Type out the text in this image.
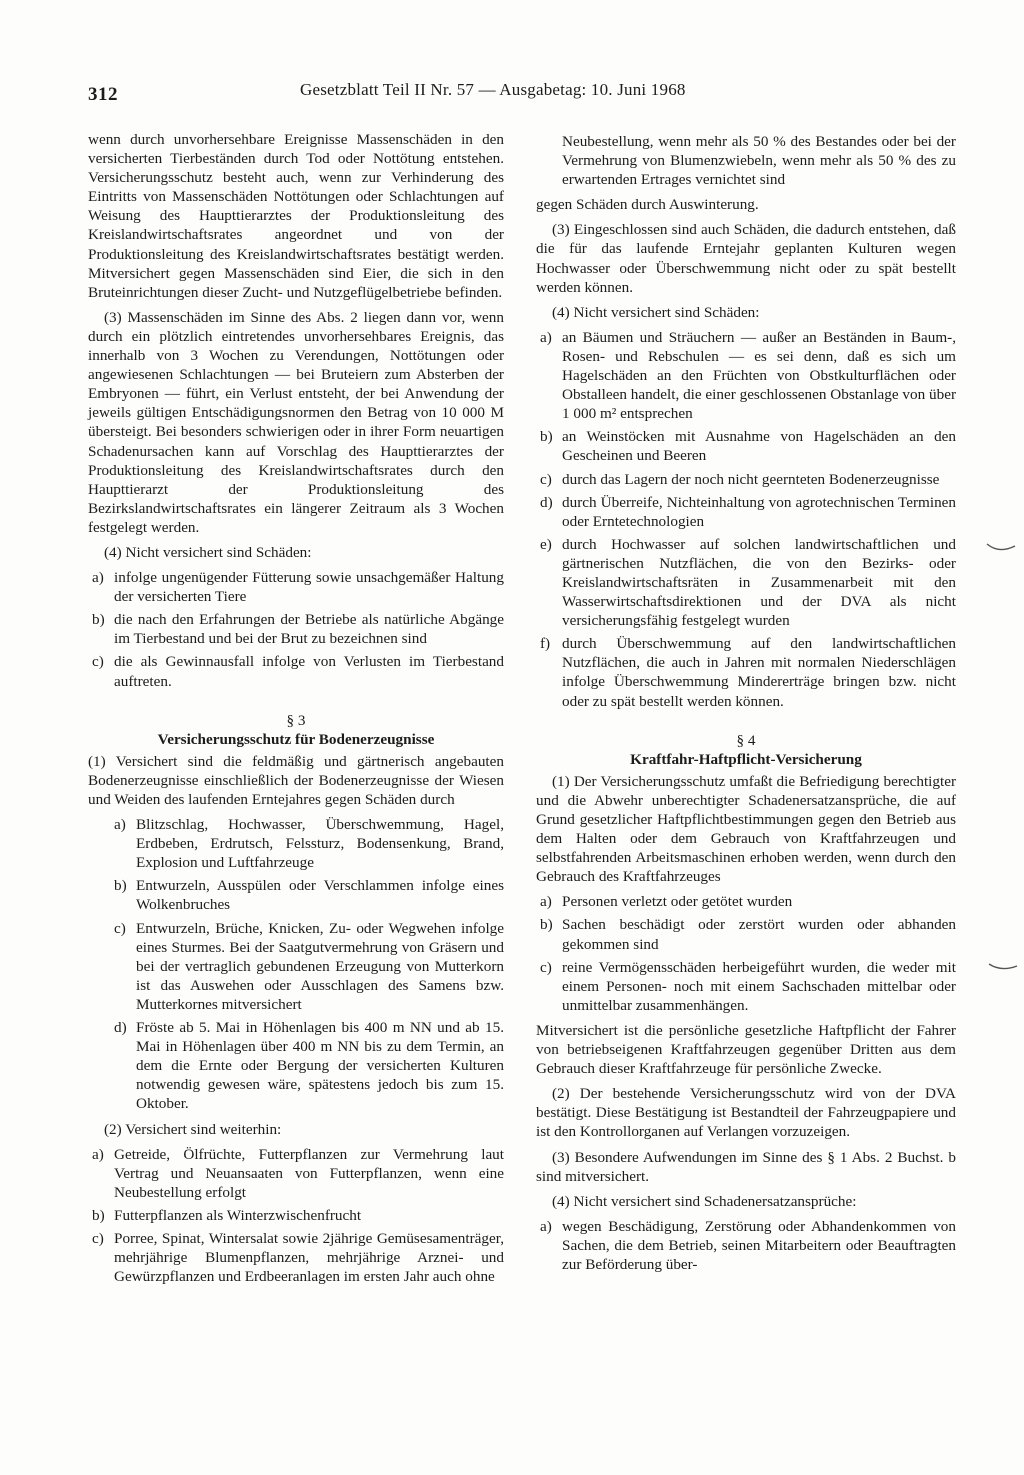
312	Gesetzblatt Teil II Nr. 57 — Ausgabetag: 10. Juni 1968

wenn durch unvorhersehbare Ereignisse Massenschäden in den versicherten Tierbeständen durch Tod oder Nottötung entstehen. Versicherungsschutz besteht auch, wenn zur Verhinderung des Eintritts von Massenschäden Nottötungen oder Schlachtungen auf Weisung des Haupttierarztes der Produktionsleitung des Kreislandwirtschaftsrates angeordnet und von der Produktionsleitung des Kreislandwirtschaftsrates bestätigt werden. Mitversichert gegen Massenschäden sind Eier, die sich in den Bruteinrichtungen dieser Zucht- und Nutzgeflügelbetriebe befinden.

(3) Massenschäden im Sinne des Abs. 2 liegen dann vor, wenn durch ein plötzlich eintretendes unvorhersehbares Ereignis, das innerhalb von 3 Wochen zu Verendungen, Nottötungen oder angewiesenen Schlachtungen — bei Bruteiern zum Absterben der Embryonen — führt, ein Verlust entsteht, der bei Anwendung der jeweils gültigen Entschädigungsnormen den Betrag von 10 000 M übersteigt. Bei besonders schwierigen oder in ihrer Form neuartigen Schadenursachen kann auf Vorschlag des Haupttierarztes der Produktionsleitung des Kreislandwirtschaftsrates durch den Haupttierarzt der Produktionsleitung des Bezirkslandwirtschaftsrates ein längerer Zeitraum als 3 Wochen festgelegt werden.

(4) Nicht versichert sind Schäden:

a) infolge ungenügender Fütterung sowie unsachgemäßer Haltung der versicherten Tiere
b) die nach den Erfahrungen der Betriebe als natürliche Abgänge im Tierbestand und bei der Brut zu bezeichnen sind
c) die als Gewinnausfall infolge von Verlusten im Tierbestand auftreten.
§ 3
Versicherungsschutz für Bodenerzeugnisse

(1) Versichert sind die feldmäßig und gärtnerisch angebauten Bodenerzeugnisse einschließlich der Bodenerzeugnisse der Wiesen und Weiden des laufenden Erntejahres gegen Schäden durch

a) Blitzschlag, Hochwasser, Überschwemmung, Hagel, Erdbeben, Erdrutsch, Felssturz, Bodensenkung, Brand, Explosion und Luftfahrzeuge
b) Entwurzeln, Ausspülen oder Verschlammen infolge eines Wolkenbruches
c) Entwurzeln, Brüche, Knicken, Zu- oder Wegwehen infolge eines Sturmes. Bei der Saatgutvermehrung von Gräsern und bei der vertraglich gebundenen Erzeugung von Mutterkorn ist das Auswehen oder Ausschlagen des Samens bzw. Mutterkornes mitversichert
d) Fröste ab 5. Mai in Höhenlagen bis 400 m NN und ab 15. Mai in Höhenlagen über 400 m NN bis zu dem Termin, an dem die Ernte oder Bergung der versicherten Kulturen notwendig gewesen wäre, spätestens jedoch bis zum 15. Oktober.

(2) Versichert sind weiterhin:

a) Getreide, Ölfrüchte, Futterpflanzen zur Vermehrung laut Vertrag und Neuansaaten von Futterpflanzen, wenn eine Neubestellung erfolgt
b) Futterpflanzen als Winterzwischenfrucht
c) Porree, Spinat, Wintersalat sowie 2jährige Gemüsesamenträger, mehrjährige Blumenpflanzen, mehrjährige Arznei- und Gewürzpflanzen und Erdbeeranlagen im ersten Jahr auch ohne

Neubestellung, wenn mehr als 50 % des Bestandes oder bei der Vermehrung von Blumenzwiebeln, wenn mehr als 50 % des zu erwartenden Ertrages vernichtet sind

gegen Schäden durch Auswinterung.

(3) Eingeschlossen sind auch Schäden, die dadurch entstehen, daß die für das laufende Erntejahr geplanten Kulturen wegen Hochwasser oder Überschwemmung nicht oder zu spät bestellt werden können.

(4) Nicht versichert sind Schäden:

a) an Bäumen und Sträuchern — außer an Beständen in Baum-, Rosen- und Rebschulen — es sei denn, daß es sich um Hagelschäden an den Früchten von Obstkulturflächen oder Obstalleen handelt, die einer geschlossenen Obstanlage von über 1 000 m² entsprechen
b) an Weinstöcken mit Ausnahme von Hagelschäden an den Gescheinen und Beeren
c) durch das Lagern der noch nicht geernteten Bodenerzeugnisse
d) durch Überreife, Nichteinhaltung von agrotechnischen Terminen oder Erntetechnologien
e) durch Hochwasser auf solchen landwirtschaftlichen und gärtnerischen Nutzflächen, die von den Bezirks- oder Kreislandwirtschaftsräten in Zusammenarbeit mit den Wasserwirtschaftsdirektionen und der DVA als nicht versicherungsfähig festgelegt wurden
f) durch Überschwemmung auf den landwirtschaftlichen Nutzflächen, die auch in Jahren mit normalen Niederschlägen infolge Überschwemmung Mindererträge bringen bzw. nicht oder zu spät bestellt werden können.
§ 4
Kraftfahr-Haftpflicht-Versicherung

(1) Der Versicherungsschutz umfaßt die Befriedigung berechtigter und die Abwehr unberechtigter Schadenersatzansprüche, die auf Grund gesetzlicher Haftpflichtbestimmungen gegen den Betrieb aus dem Halten oder dem Gebrauch von Kraftfahrzeugen und selbstfahrenden Arbeitsmaschinen erhoben werden, wenn durch den Gebrauch des Kraftfahrzeuges

a) Personen verletzt oder getötet wurden
b) Sachen beschädigt oder zerstört wurden oder abhanden gekommen sind
c) reine Vermögensschäden herbeigeführt wurden, die weder mit einem Personen- noch mit einem Sachschaden mittelbar oder unmittelbar zusammenhängen.

Mitversichert ist die persönliche gesetzliche Haftpflicht der Fahrer von betriebseigenen Kraftfahrzeugen gegenüber Dritten aus dem Gebrauch dieser Kraftfahrzeuge für persönliche Zwecke.

(2) Der bestehende Versicherungsschutz wird von der DVA bestätigt. Diese Bestätigung ist Bestandteil der Fahrzeugpapiere und ist den Kontrollorganen auf Verlangen vorzuzeigen.

(3) Besondere Aufwendungen im Sinne des § 1 Abs. 2 Buchst. b sind mitversichert.

(4) Nicht versichert sind Schadenersatzansprüche:

a) wegen Beschädigung, Zerstörung oder Abhandenkommen von Sachen, die dem Betrieb, seinen Mitarbeitern oder Beauftragten zur Beförderung über-
